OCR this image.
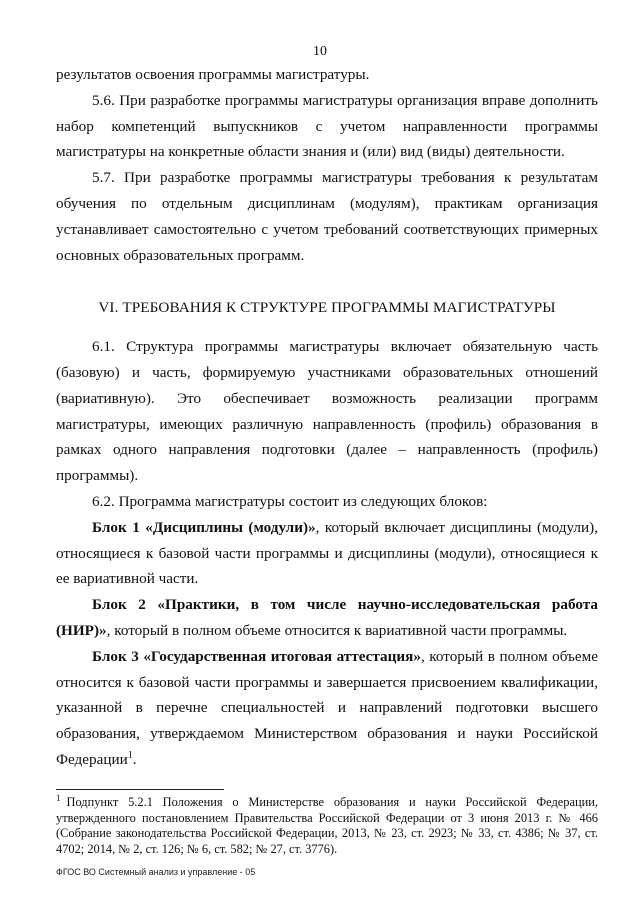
10

результатов освоения программы магистратуры.

5.6. При разработке программы магистратуры организация вправе дополнить набор компетенций выпускников с учетом направленности программы магистратуры на конкретные области знания и (или) вид (виды) деятельности.

5.7. При разработке программы магистратуры требования к результатам обучения по отдельным дисциплинам (модулям), практикам организация устанавливает самостоятельно с учетом требований соответствующих примерных основных образовательных программ.

VI. ТРЕБОВАНИЯ К СТРУКТУРЕ ПРОГРАММЫ МАГИСТРАТУРЫ

6.1. Структура программы магистратуры включает обязательную часть (базовую) и часть, формируемую участниками образовательных отношений (вариативную). Это обеспечивает возможность реализации программ магистратуры, имеющих различную направленность (профиль) образования в рамках одного направления подготовки (далее – направленность (профиль) программы).

6.2. Программа магистратуры состоит из следующих блоков:

Блок 1 «Дисциплины (модули)», который включает дисциплины (модули), относящиеся к базовой части программы и дисциплины (модули), относящиеся к ее вариативной части.

Блок 2 «Практики, в том числе научно-исследовательская работа (НИР)», который в полном объеме относится к вариативной части программы.

Блок 3 «Государственная итоговая аттестация», который в полном объеме относится к базовой части программы и завершается присвоением квалификации, указанной в перечне специальностей и направлений подготовки высшего образования, утверждаемом Министерством образования и науки Российской Федерации$^1$.

$^1$ Подпункт 5.2.1 Положения о Министерстве образования и науки Российской Федерации, утвержденного постановлением Правительства Российской Федерации от 3 июня 2013 г. № 466 (Собрание законодательства Российской Федерации, 2013, № 23, ст. 2923; № 33, ст. 4386; № 37, ст. 4702; 2014, № 2, ст. 126; № 6, ст. 582; № 27, ст. 3776).
ФГОС ВО Системный анализ и управление - 05
